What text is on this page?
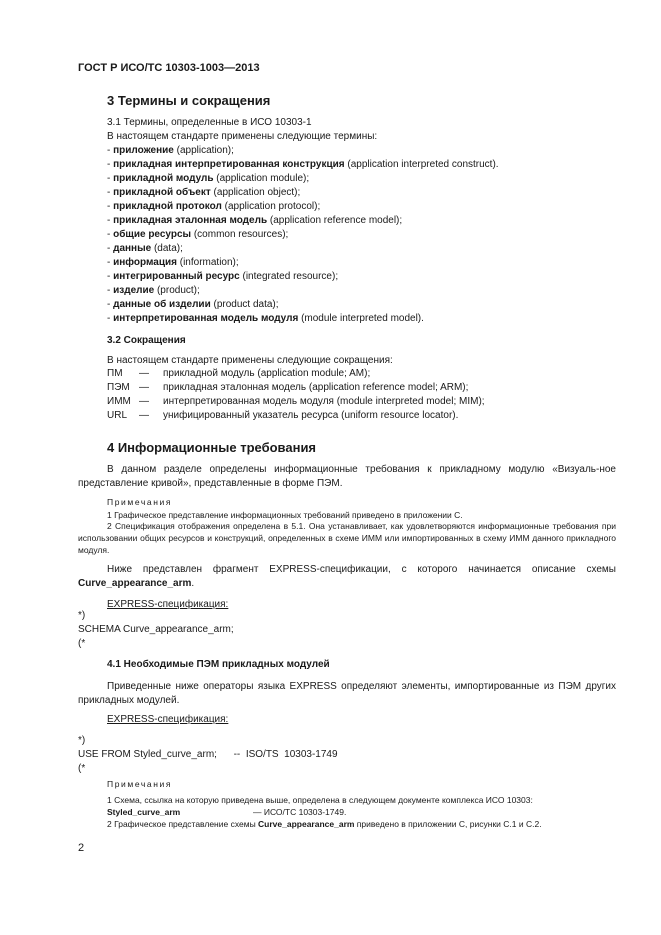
ГОСТ Р ИСО/ТС 10303-1003—2013
3 Термины и сокращения
3.1 Термины, определенные в ИСО 10303-1
В настоящем стандарте применены следующие термины:
- приложение (application);
- прикладная интерпретированная конструкция (application interpreted construct).
- прикладной модуль (application module);
- прикладной объект (application object);
- прикладной протокол (application protocol);
- прикладная эталонная модель (application reference model);
- общие ресурсы (common resources);
- данные (data);
- информация (information);
- интегрированный ресурс (integrated resource);
- изделие (product);
- данные об изделии (product data);
- интерпретированная модель модуля (module interpreted model).
3.2 Сокращения
В настоящем стандарте применены следующие сокращения:
ПМ	—	прикладной модуль (application module; AM);
ПЭМ —	прикладная эталонная модель (application reference model; ARM);
ИММ —	интерпретированная модель модуля (module interpreted model; MIM);
URL	—	унифицированный указатель ресурса (uniform resource locator).
4 Информационные требования
В данном разделе определены информационные требования к прикладному модулю «Визуаль-ное представление кривой», представленные в форме ПЭМ.
Примечания
1 Графическое представление информационных требований приведено в приложении С.
2 Спецификация отображения определена в 5.1. Она устанавливает, как удовлетворяются информационные требования при использовании общих ресурсов и конструкций, определенных в схеме ИММ или импортированных в схему ИММ данного прикладного модуля.
Ниже представлен фрагмент EXPRESS-спецификации, с которого начинается описание схемы Curve_appearance_arm.
EXPRESS-спецификация:
*)
SCHEMA Curve_appearance_arm;
(*
4.1 Необходимые ПЭМ прикладных модулей
Приведенные ниже операторы языка EXPRESS определяют элементы, импортированные из ПЭМ других прикладных модулей.
EXPRESS-спецификация:
*)
USE FROM Styled_curve_arm;      --  ISO/TS  10303-1749
(*
Примечания
1 Схема, ссылка на которую приведена выше, определена в следующем документе комплекса ИСО 10303:
Styled_curve_arm	— ИСО/ТС 10303-1749.
2 Графическое представление схемы Curve_appearance_arm приведено в приложении С, рисунки С.1 и С.2.
2
